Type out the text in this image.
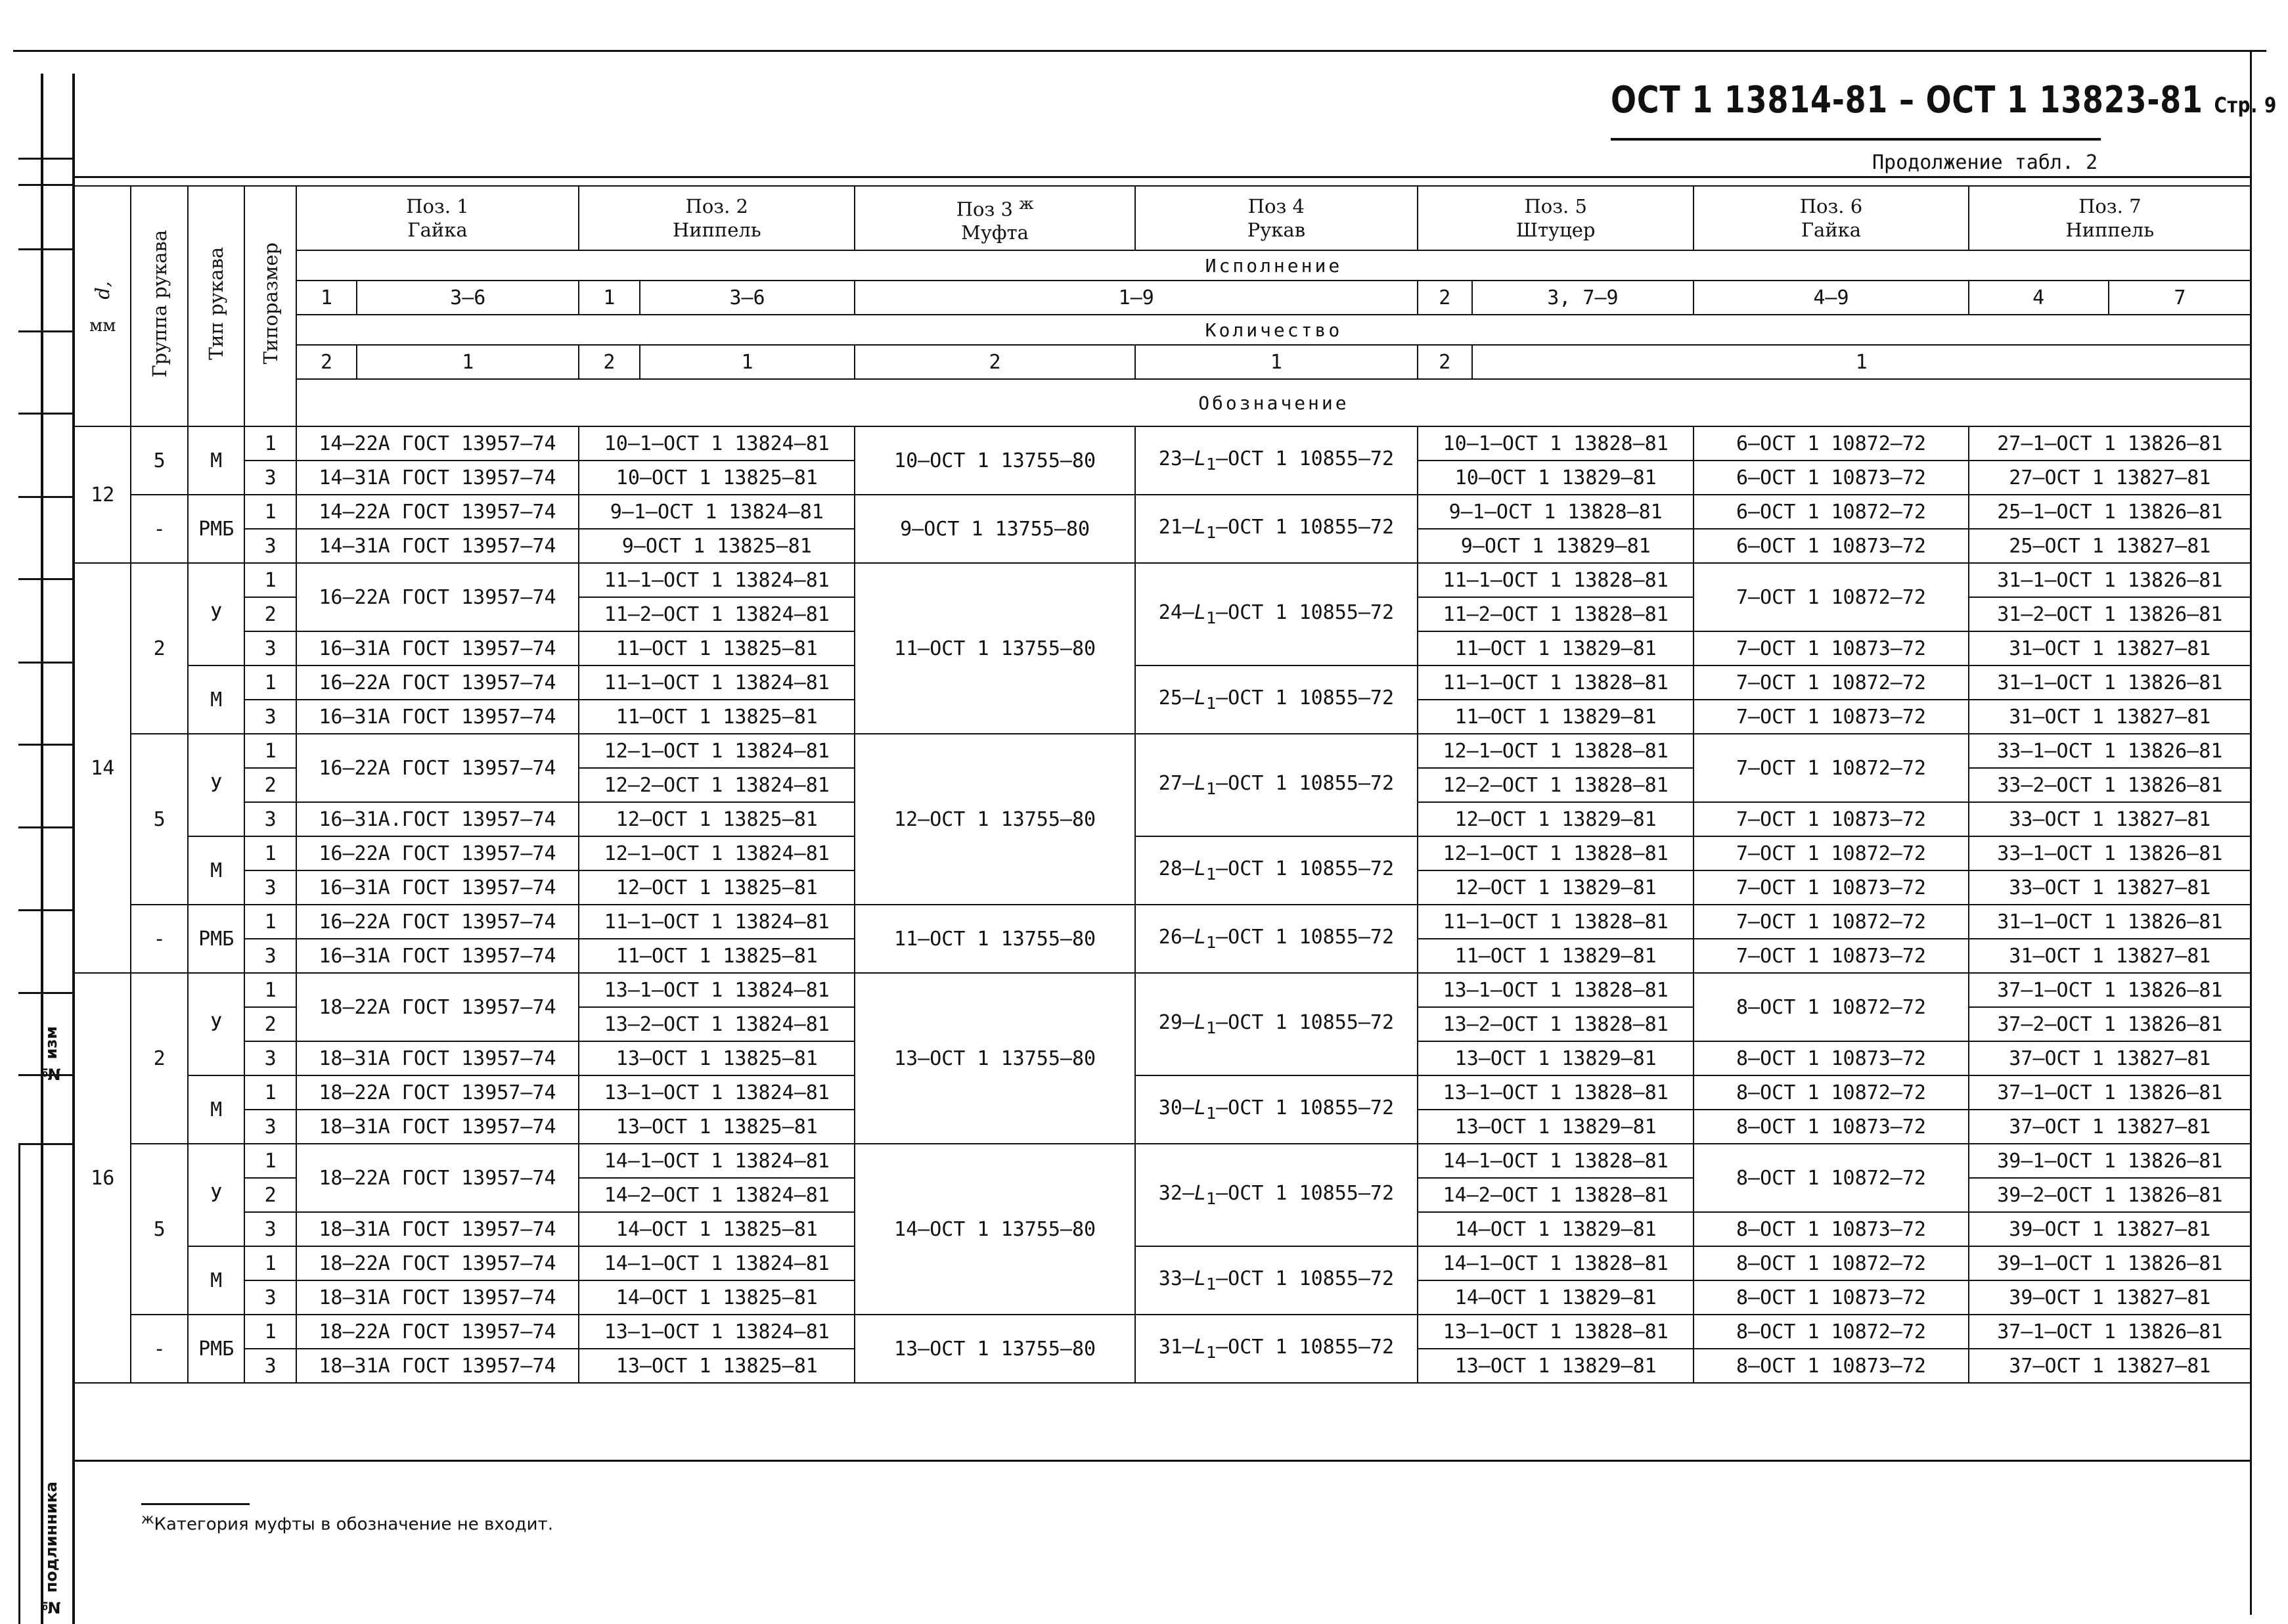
№ изм
№ подлинника
ОСТ 1 13814-81 – ОСТ 1 13823-81 Стр. 9
Продолжение табл. 2
d,
мм	Группа рукава	Тип рукава	Типоразмер	Поз. 1
Гайка		Поз. 2
Ниппель		Поз 3 $^ж$
Муфта	Поз 4
Рукав	Поз. 5
Штуцер		Поз. 6
Гайка	Поз. 7
Ниппель	
				Исполнение										
				1	3–6	1	3–6	1–9		2	3, 7–9	4–9	4	7
				Количество										
				2	1	2	1	2	1	2	1			
				Обозначение										
12	5	М	1	14–22А ГОСТ 13957–74		10–1–ОСТ 1 13824–81		10–ОСТ 1 13755–80	$23-L_1$–ОСТ 1 10855–72	10–1–ОСТ 1 13828–81		6–ОСТ 1 10872–72	27–1–ОСТ 1 13826–81	
			3	14–31А ГОСТ 13957–74		10–ОСТ 1 13825–81				10–ОСТ 1 13829–81		6–ОСТ 1 10873–72	27–ОСТ 1 13827–81	
	-	РМБ	1	14–22А ГОСТ 13957–74		9–1–ОСТ 1 13824–81		9–ОСТ 1 13755–80	$21-L_1$–ОСТ 1 10855–72	9–1–ОСТ 1 13828–81		6–ОСТ 1 10872–72	25–1–ОСТ 1 13826–81	
			3	14–31А ГОСТ 13957–74		9–ОСТ 1 13825–81				9–ОСТ 1 13829–81		6–ОСТ 1 10873–72	25–ОСТ 1 13827–81	
14	2	У	1	16–22А ГОСТ 13957–74		11–1–ОСТ 1 13824–81		11–ОСТ 1 13755–80	$24-L_1$–ОСТ 1 10855–72	11–1–ОСТ 1 13828–81		7–ОСТ 1 10872–72	31–1–ОСТ 1 13826–81	
			2			11–2–ОСТ 1 13824–81				11–2–ОСТ 1 13828–81			31–2–ОСТ 1 13826–81	
			3	16–31А ГОСТ 13957–74		11–ОСТ 1 13825–81				11–ОСТ 1 13829–81		7–ОСТ 1 10873–72	31–ОСТ 1 13827–81	
		М	1	16–22А ГОСТ 13957–74		11–1–ОСТ 1 13824–81			$25-L_1$–ОСТ 1 10855–72	11–1–ОСТ 1 13828–81		7–ОСТ 1 10872–72	31–1–ОСТ 1 13826–81	
			3	16–31А ГОСТ 13957–74		11–ОСТ 1 13825–81				11–ОСТ 1 13829–81		7–ОСТ 1 10873–72	31–ОСТ 1 13827–81	
	5	У	1	16–22А ГОСТ 13957–74		12–1–ОСТ 1 13824–81		12–ОСТ 1 13755–80	$27-L_1$–ОСТ 1 10855–72	12–1–ОСТ 1 13828–81		7–ОСТ 1 10872–72	33–1–ОСТ 1 13826–81	
			2			12–2–ОСТ 1 13824–81				12–2–ОСТ 1 13828–81			33–2–ОСТ 1 13826–81	
			3	16–31А.ГОСТ 13957–74		12–ОСТ 1 13825–81				12–ОСТ 1 13829–81		7–ОСТ 1 10873–72	33–ОСТ 1 13827–81	
		М	1	16–22А ГОСТ 13957–74		12–1–ОСТ 1 13824–81			$28-L_1$–ОСТ 1 10855–72	12–1–ОСТ 1 13828–81		7–ОСТ 1 10872–72	33–1–ОСТ 1 13826–81	
			3	16–31А ГОСТ 13957–74		12–ОСТ 1 13825–81				12–ОСТ 1 13829–81		7–ОСТ 1 10873–72	33–ОСТ 1 13827–81	
	-	РМБ	1	16–22А ГОСТ 13957–74		11–1–ОСТ 1 13824–81		11–ОСТ 1 13755–80	$26-L_1$–ОСТ 1 10855–72	11–1–ОСТ 1 13828–81		7–ОСТ 1 10872–72	31–1–ОСТ 1 13826–81	
			3	16–31А ГОСТ 13957–74		11–ОСТ 1 13825–81				11–ОСТ 1 13829–81		7–ОСТ 1 10873–72	31–ОСТ 1 13827–81	
16	2	У	1	18–22А ГОСТ 13957–74		13–1–ОСТ 1 13824–81		13–ОСТ 1 13755–80	$29-L_1$–ОСТ 1 10855–72	13–1–ОСТ 1 13828–81		8–ОСТ 1 10872–72	37–1–ОСТ 1 13826–81	
			2			13–2–ОСТ 1 13824–81				13–2–ОСТ 1 13828–81			37–2–ОСТ 1 13826–81	
			3	18–31А ГОСТ 13957–74		13–ОСТ 1 13825–81				13–ОСТ 1 13829–81		8–ОСТ 1 10873–72	37–ОСТ 1 13827–81	
		М	1	18–22А ГОСТ 13957–74		13–1–ОСТ 1 13824–81			$30-L_1$–ОСТ 1 10855–72	13–1–ОСТ 1 13828–81		8–ОСТ 1 10872–72	37–1–ОСТ 1 13826–81	
			3	18–31А ГОСТ 13957–74		13–ОСТ 1 13825–81				13–ОСТ 1 13829–81		8–ОСТ 1 10873–72	37–ОСТ 1 13827–81	
	5	У	1	18–22А ГОСТ 13957–74		14–1–ОСТ 1 13824–81		14–ОСТ 1 13755–80	$32-L_1$–ОСТ 1 10855–72	14–1–ОСТ 1 13828–81		8–ОСТ 1 10872–72	39–1–ОСТ 1 13826–81	
			2			14–2–ОСТ 1 13824–81				14–2–ОСТ 1 13828–81			39–2–ОСТ 1 13826–81	
			3	18–31А ГОСТ 13957–74		14–ОСТ 1 13825–81				14–ОСТ 1 13829–81		8–ОСТ 1 10873–72	39–ОСТ 1 13827–81	
		М	1	18–22А ГОСТ 13957–74		14–1–ОСТ 1 13824–81			$33-L_1$–ОСТ 1 10855–72	14–1–ОСТ 1 13828–81		8–ОСТ 1 10872–72	39–1–ОСТ 1 13826–81	
			3	18–31А ГОСТ 13957–74		14–ОСТ 1 13825–81				14–ОСТ 1 13829–81		8–ОСТ 1 10873–72	39–ОСТ 1 13827–81	
	-	РМБ	1	18–22А ГОСТ 13957–74		13–1–ОСТ 1 13824–81		13–ОСТ 1 13755–80	$31-L_1$–ОСТ 1 10855–72	13–1–ОСТ 1 13828–81		8–ОСТ 1 10872–72	37–1–ОСТ 1 13826–81	
			3	18–31А ГОСТ 13957–74		13–ОСТ 1 13825–81				13–ОСТ 1 13829–81		8–ОСТ 1 10873–72	37–ОСТ 1 13827–81	
$^ж$Категория муфты в обозначение не входит.
